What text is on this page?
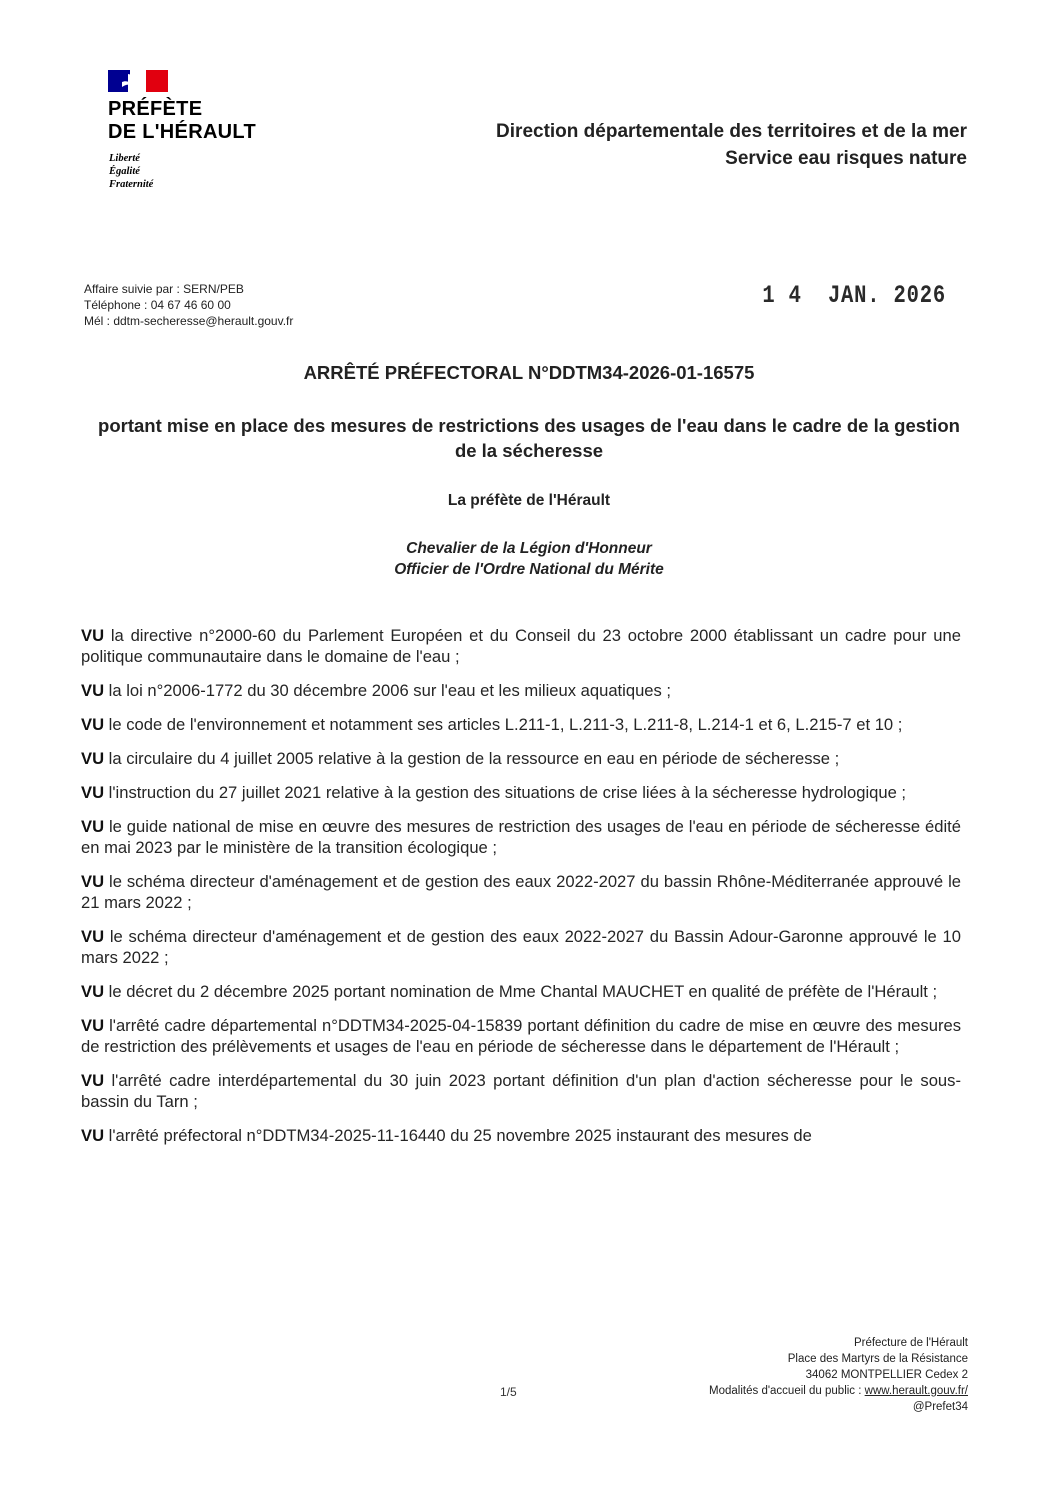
PRÉFÈTE
DE L'HÉRAULT
Liberté
Égalité
Fraternité
Direction départementale des territoires et de la mer
Service eau risques nature
Affaire suivie par : SERN/PEB
Téléphone : 04 67 46 60 00
Mél : ddtm-secheresse@herault.gouv.fr
1 4  JAN. 2026
ARRÊTÉ PRÉFECTORAL N°DDTM34-2026-01-16575
portant mise en place des mesures de restrictions des usages de l'eau dans le cadre de la gestion de la sécheresse
La préfète de l'Hérault
Chevalier de la Légion d'Honneur
Officier de l'Ordre National du Mérite

VU la directive n°2000-60 du Parlement Européen et du Conseil du 23 octobre 2000 établissant un cadre pour une politique communautaire dans le domaine de l'eau ;

VU la loi n°2006-1772 du 30 décembre 2006 sur l'eau et les milieux aquatiques ;

VU le code de l'environnement et notamment ses articles L.211-1, L.211-3, L.211-8, L.214-1 et 6, L.215-7 et 10 ;

VU la circulaire du 4 juillet 2005 relative à la gestion de la ressource en eau en période de sécheresse ;

VU l'instruction du 27 juillet 2021 relative à la gestion des situations de crise liées à la sécheresse hydrologique ;

VU le guide national de mise en œuvre des mesures de restriction des usages de l'eau en période de sécheresse édité en mai 2023 par le ministère de la transition écologique ;

VU le schéma directeur d'aménagement et de gestion des eaux 2022-2027 du bassin Rhône-Méditerranée approuvé le 21 mars 2022 ;

VU le schéma directeur d'aménagement et de gestion des eaux 2022-2027 du Bassin Adour-Garonne approuvé le 10 mars 2022 ;

VU le décret du 2 décembre 2025 portant nomination de Mme Chantal MAUCHET en qualité de préfète de l'Hérault ;

VU l'arrêté cadre départemental n°DDTM34-2025-04-15839 portant définition du cadre de mise en œuvre des mesures de restriction des prélèvements et usages de l'eau en période de sécheresse dans le département de l'Hérault ;

VU l'arrêté cadre interdépartemental du 30 juin 2023 portant définition d'un plan d'action sécheresse pour le sous-bassin du Tarn ;

VU l'arrêté préfectoral n°DDTM34-2025-11-16440 du 25 novembre 2025 instaurant des mesures de

1/5
Préfecture de l'Hérault
Place des Martyrs de la Résistance
34062 MONTPELLIER Cedex 2
Modalités d'accueil du public : www.herault.gouv.fr/
@Prefet34
